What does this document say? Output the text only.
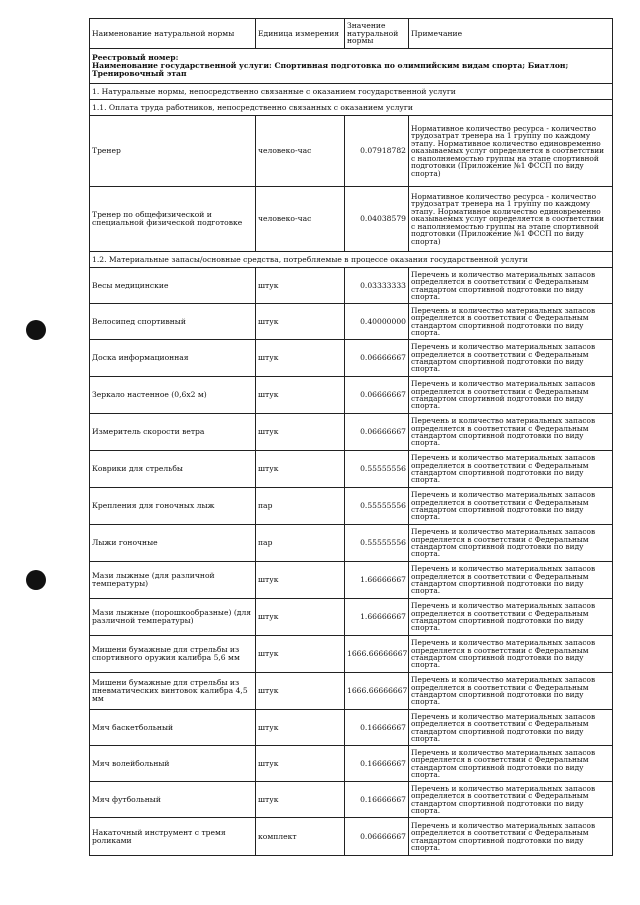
Наименование натуральной нормы	Единица измерения	Значение натуральной нормы	Примечание

Реестровый номер:
Наименование государственной услуги: Спортивная подготовка по олимпийским видам спорта; Биатлон; Тренировочный этап			

1. Натуральные нормы, непосредственно связанные с оказанием государственной услуги			
1.1. Оплата труда работников, непосредственно связанных с оказанием услуги			
Тренер	человеко-час	0.07918782	Нормативное количество ресурса - количество трудозатрат тренера на 1 группу по каждому этапу. Нормативное количество единовременно оказываемых услуг определяется в соответствии с наполняемостью группы на этапе спортивной подготовки (Приложение №1 ФССП по виду спорта)
Тренер по общефизической и специальной физической подготовке	человеко-час	0.04038579	Нормативное количество ресурса - количество трудозатрат тренера на 1 группу по каждому этапу. Нормативное количество единовременно оказываемых услуг определяется в соответствии с наполняемостью группы на этапе спортивной подготовки (Приложение №1 ФССП по виду спорта)
1.2. Материальные запасы/основные средства, потребляемые в процессе оказания государственной услуги			
Весы медицинские	штук	0.03333333	Перечень и количество материальных запасов определяется в соответствии с Федеральным стандартом спортивной подготовки по виду спорта.
Велосипед спортивный	штук	0.40000000	Перечень и количество материальных запасов определяется в соответствии с Федеральным стандартом спортивной подготовки по виду спорта.
Доска информационная	штук	0.06666667	Перечень и количество материальных запасов определяется в соответствии с Федеральным стандартом спортивной подготовки по виду спорта.
Зеркало настенное (0,6х2 м)	штук	0.06666667	Перечень и количество материальных запасов определяется в соответствии с Федеральным стандартом спортивной подготовки по виду спорта.
Измеритель скорости ветра	штук	0.06666667	Перечень и количество материальных запасов определяется в соответствии с Федеральным стандартом спортивной подготовки по виду спорта.
Коврики для стрельбы	штук	0.55555556	Перечень и количество материальных запасов определяется в соответствии с Федеральным стандартом спортивной подготовки по виду спорта.
Крепления для гоночных лыж	пар	0.55555556	Перечень и количество материальных запасов определяется в соответствии с Федеральным стандартом спортивной подготовки по виду спорта.
Лыжи гоночные	пар	0.55555556	Перечень и количество материальных запасов определяется в соответствии с Федеральным стандартом спортивной подготовки по виду спорта.
Мази лыжные (для различной температуры)	штук	1.66666667	Перечень и количество материальных запасов определяется в соответствии с Федеральным стандартом спортивной подготовки по виду спорта.
Мази лыжные (порошкообразные) (для различной температуры)	штук	1.66666667	Перечень и количество материальных запасов определяется в соответствии с Федеральным стандартом спортивной подготовки по виду спорта.
Мишени бумажные для стрельбы из спортивного оружия калибра 5,6 мм	штук	1666.66666667	Перечень и количество материальных запасов определяется в соответствии с Федеральным стандартом спортивной подготовки по виду спорта.
Мишени бумажные для стрельбы из пневматических винтовок калибра 4,5 мм	штук	1666.66666667	Перечень и количество материальных запасов определяется в соответствии с Федеральным стандартом спортивной подготовки по виду спорта.
Мяч баскетбольный	штук	0.16666667	Перечень и количество материальных запасов определяется в соответствии с Федеральным стандартом спортивной подготовки по виду спорта.
Мяч волейбольный	штук	0.16666667	Перечень и количество материальных запасов определяется в соответствии с Федеральным стандартом спортивной подготовки по виду спорта.
Мяч футбольный	штук	0.16666667	Перечень и количество материальных запасов определяется в соответствии с Федеральным стандартом спортивной подготовки по виду спорта.
Накаточный инструмент с тремя роликами	комплект	0.06666667	Перечень и количество материальных запасов определяется в соответствии с Федеральным стандартом спортивной подготовки по виду спорта.
